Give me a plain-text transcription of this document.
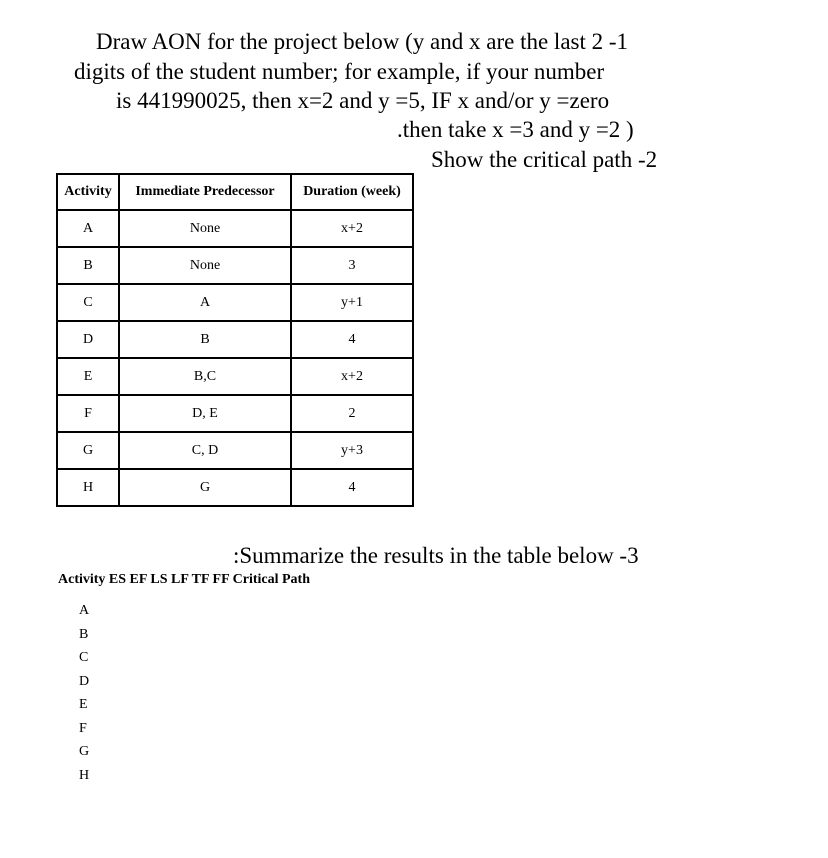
Draw AON for the project below (y and x are the last 2 -1
digits of the student number; for example, if your number
is 441990025, then x=2 and y =5, IF x and/or y =zero
.then take x =3 and y =2 )
Show the critical path -2
Activity	Immediate Predecessor	Duration (week)
A	None	x+2
B	None	3
C	A	y+1
D	B	4
E	B,C	x+2
F	D, E	2
G	C, D	y+3
H	G	4
:Summarize the results in the table below -3
Activity ES EF LS LF TF FF Critical Path
A
B
C
D
E
F
G
H
